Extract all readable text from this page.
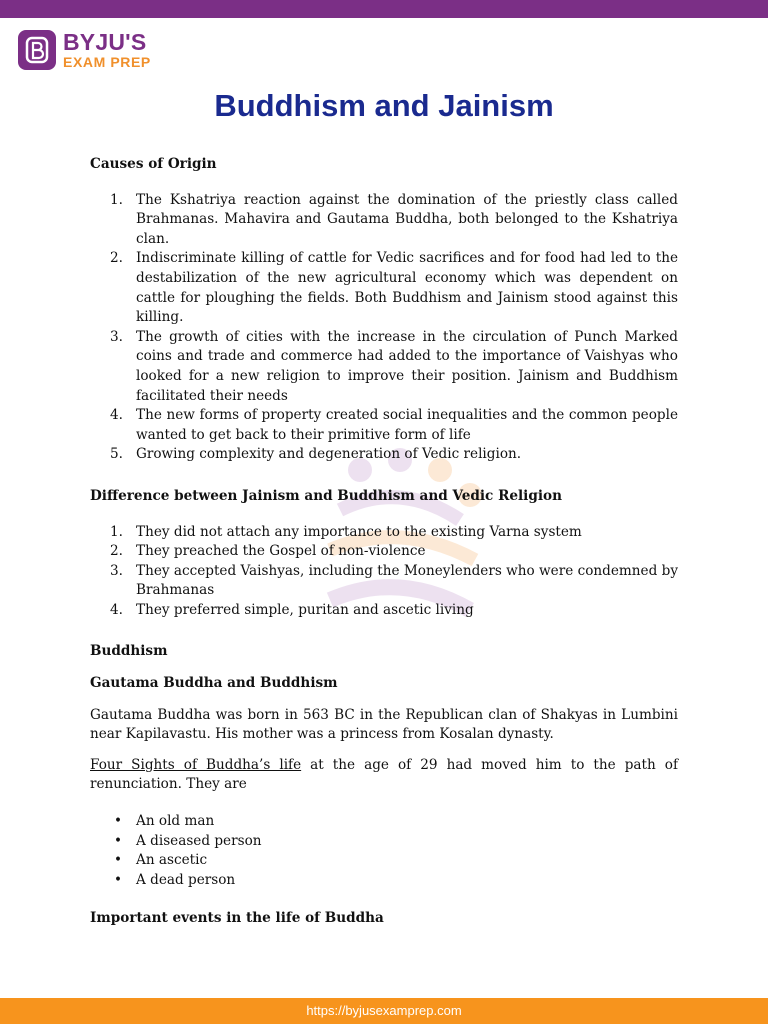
BYJU'S
EXAM PREP
Buddhism and Jainism

Causes of Origin

1. The Kshatriya reaction against the domination of the priestly class called Brahmanas. Mahavira and Gautama Buddha, both belonged to the Kshatriya clan.
2. Indiscriminate killing of cattle for Vedic sacrifices and for food had led to the destabilization of the new agricultural economy which was dependent on cattle for ploughing the fields. Both Buddhism and Jainism stood against this killing.
3. The growth of cities with the increase in the circulation of Punch Marked coins and trade and commerce had added to the importance of Vaishyas who looked for a new religion to improve their position. Jainism and Buddhism facilitated their needs
4. The new forms of property created social inequalities and the common people wanted to get back to their primitive form of life
5. Growing complexity and degeneration of Vedic religion.

Difference between Jainism and Buddhism and Vedic Religion

1. They did not attach any importance to the existing Varna system
2. They preached the Gospel of non-violence
3. They accepted Vaishyas, including the Moneylenders who were condemned by Brahmanas
4. They preferred simple, puritan and ascetic living

Buddhism

Gautama Buddha and Buddhism

Gautama Buddha was born in 563 BC in the Republican clan of Shakyas in Lumbini near Kapilavastu. His mother was a princess from Kosalan dynasty.

Four Sights of Buddha’s life at the age of 29 had moved him to the path of renunciation. They are

• An old man
• A diseased person
• An ascetic
• A dead person

Important events in the life of Buddha

https://byjusexamprep.com
